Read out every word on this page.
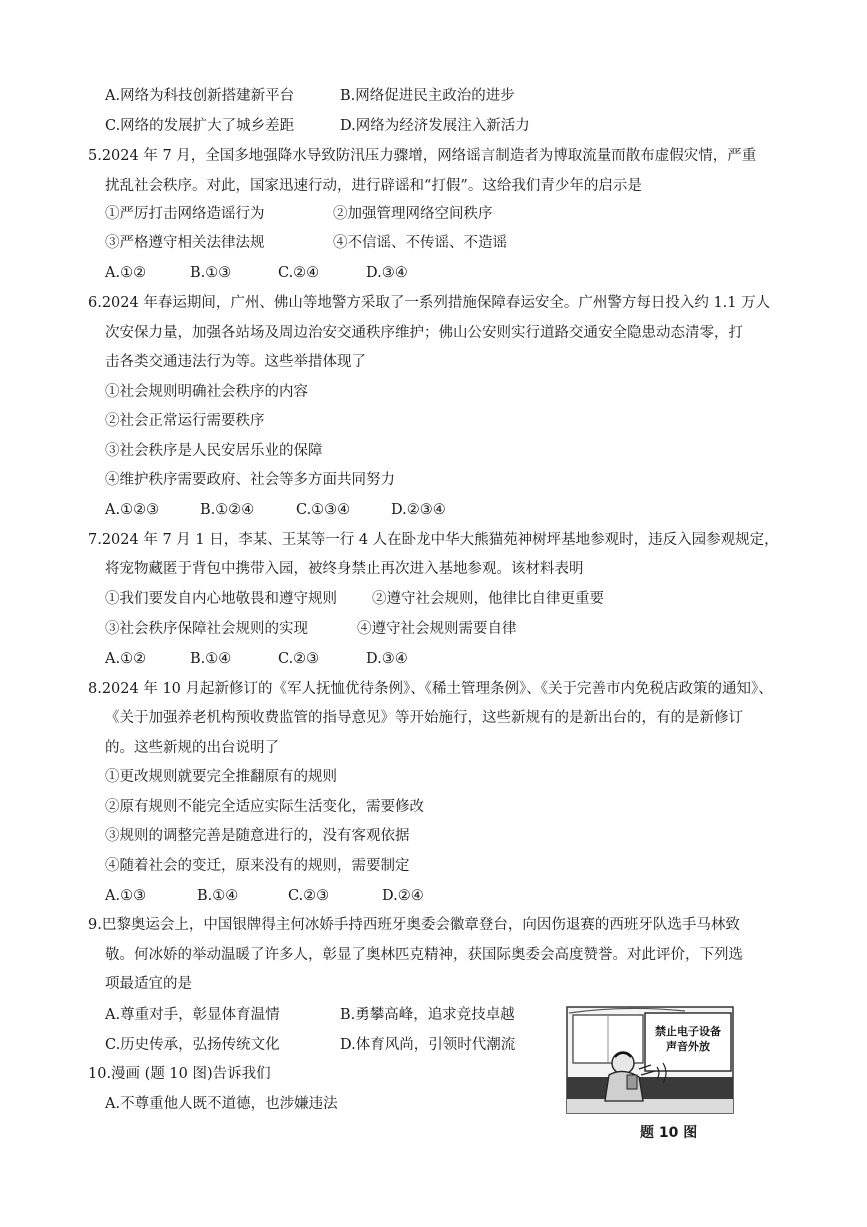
A.网络为科技创新搭建新平台	B.网络促进民主政治的进步
C.网络的发展扩大了城乡差距	D.网络为经济发展注入新活力
5.2024 年 7 月，全国多地强降水导致防汛压力骤增，网络谣言制造者为博取流量而散布虚假灾情，严重
扰乱社会秩序。对此，国家迅速行动，进行辟谣和“打假”。这给我们青少年的启示是
①严厉打击网络造谣行为	②加强管理网络空间秩序
③严格遵守相关法律法规	④不信谣、不传谣、不造谣
A.①②	B.①③	C.②④	D.③④
6.2024 年春运期间，广州、佛山等地警方采取了一系列措施保障春运安全。广州警方每日投入约 1.1 万人
次安保力量，加强各站场及周边治安交通秩序维护；佛山公安则实行道路交通安全隐患动态清零，打
击各类交通违法行为等。这些举措体现了
①社会规则明确社会秩序的内容
②社会正常运行需要秩序
③社会秩序是人民安居乐业的保障
④维护秩序需要政府、社会等多方面共同努力
A.①②③	B.①②④	C.①③④	D.②③④
7.2024 年 7 月 1 日，李某、王某等一行 4 人在卧龙中华大熊猫苑神树坪基地参观时，违反入园参观规定，
将宠物藏匿于背包中携带入园，被终身禁止再次进入基地参观。该材料表明
①我们要发自内心地敬畏和遵守规则 ②遵守社会规则，他律比自律更重要
③社会秩序保障社会规则的实现	④遵守社会规则需要自律
A.①②	B.①④	C.②③	D.③④
8.2024 年 10 月起新修订的《军人抚恤优待条例》、《稀土管理条例》、《关于完善市内免税店政策的通知》、
《关于加强养老机构预收费监管的指导意见》等开始施行，这些新规有的是新出台的，有的是新修订
的。这些新规的出台说明了
①更改规则就要完全推翻原有的规则
②原有规则不能完全适应实际生活变化，需要修改
③规则的调整完善是随意进行的，没有客观依据
④随着社会的变迁，原来没有的规则，需要制定
A.①③	B.①④	C.②③	D.②④
9.巴黎奥运会上，中国银牌得主何冰娇手持西班牙奥委会徽章登台，向因伤退赛的西班牙队选手马林致
敬。何冰娇的举动温暖了许多人，彰显了奥林匹克精神，获国际奥委会高度赞誉。对此评价，下列选
项最适宜的是
A.尊重对手，彰显体育温情	B.勇攀高峰，追求竞技卓越
C.历史传承，弘扬传统文化	D.体育风尚，引领时代潮流
10.漫画 (题 10 图)告诉我们
A.不尊重他人既不道德，也涉嫌违法
禁止电子设备
声音外放
题 10 图
